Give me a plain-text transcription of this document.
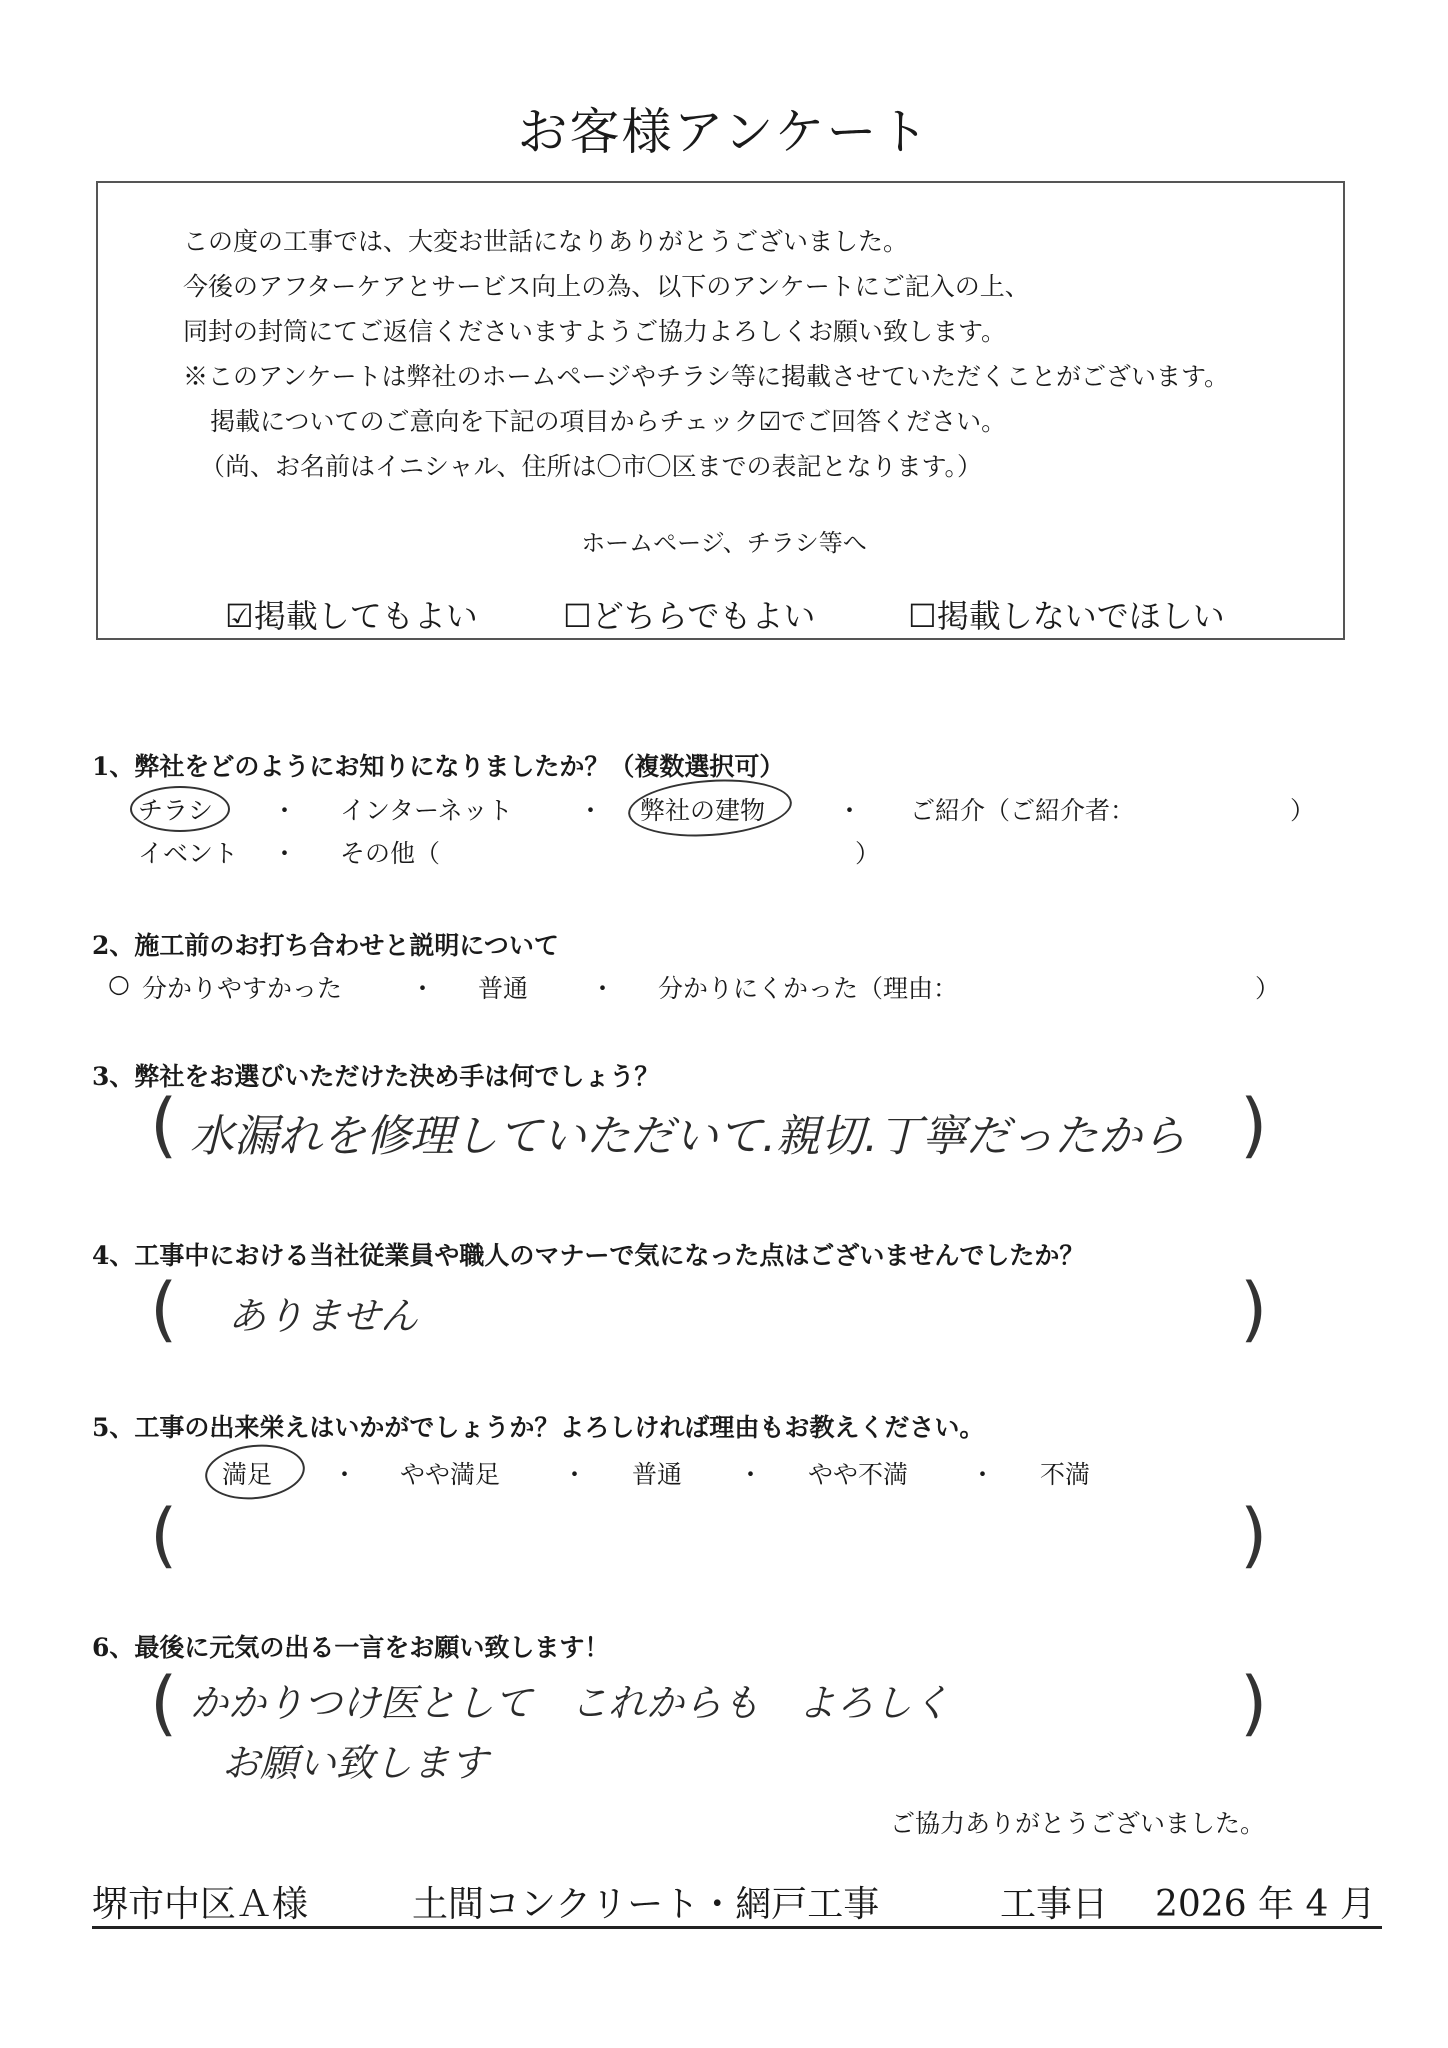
お客様アンケート
この度の工事では、大変お世話になりありがとうございました。
今後のアフターケアとサービス向上の為、以下のアンケートにご記入の上、
同封の封筒にてご返信くださいますようご協力よろしくお願い致します。
※このアンケートは弊社のホームページやチラシ等に掲載させていただくことがございます。
掲載についてのご意向を下記の項目からチェック☑でご回答ください。
（尚、お名前はイニシャル、住所は〇市〇区までの表記となります。）
ホームページ、チラシ等へ
☑掲載してもよい	☐どちらでもよい	☐掲載しないでほしい
1、弊社をどのようにお知りになりましたか？（複数選択可）
チラシ ・ インターネット	・ 弊社の建物	・ ご紹介（ご紹介者：	）
イベント ・ その他（	）
2、施工前のお打ち合わせと説明について
○ 分かりやすかった	・ 普通 ・ 分かりにくかった（理由：	）
3、弊社をお選びいただけた決め手は何でしょう？
(	)
水漏れを修理していただいて.親切.丁寧だったから
4、工事中における当社従業員や職人のマナーで気になった点はございませんでしたか？
(	)
ありません
5、工事の出来栄えはいかがでしょうか？よろしければ理由もお教えください。
満足 ・ やや満足 ・ 普通 ・ やや不満 ・ 不満
(	)
6、最後に元気の出る一言をお願い致します！
(	)
かかりつけ医として　これからも　よろしく
お願い致します
ご協力ありがとうございました。
堺市中区Ａ様	土間コンクリート・網戸工事	工事日 2026 年 4 月
